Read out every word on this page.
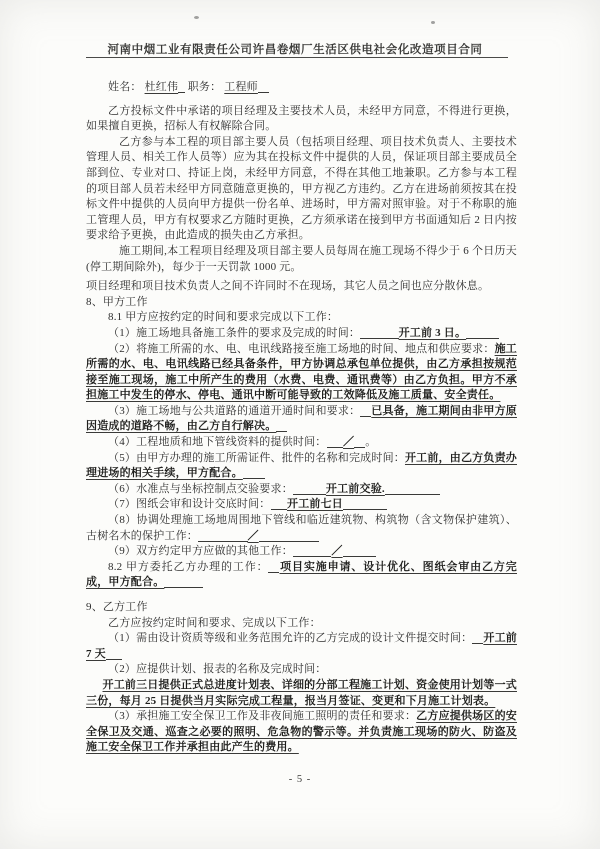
河南中烟工业有限责任公司许昌卷烟厂生活区供电社会化改造项目合同

姓名： 杜红伟 职务： 工程师

乙方投标文件中承诺的项目经理及主要技术人员，未经甲方同意，不得进行更换，如果擅自更换，招标人有权解除合同。

乙方参与本工程的项目部主要人员（包括项目经理、项目技术负责人、主要技术管理人员、相关工作人员等）应为其在投标文件中提供的人员，保证项目部主要成员全部到位、专业对口、持证上岗，未经甲方同意，不得在其他工地兼职。乙方参与本工程的项目部人员若未经甲方同意随意更换的，甲方视乙方违约。乙方在进场前须按其在投标文件中提供的人员向甲方提供一份名单、进场时，甲方需对照审验。对于不称职的施工管理人员，甲方有权要求乙方随时更换，乙方须承诺在接到甲方书面通知后 2 日内按要求给予更换，由此造成的损失由乙方承担。

施工期间,本工程项目经理及项目部主要人员每周在施工现场不得少于 6 个日历天(停工期间除外)，每少于一天罚款 1000 元。

项目经理和项目技术负责人之间不许同时不在现场，其它人员之间也应分散休息。

8、甲方工作

8.1 甲方应按约定的时间和要求完成以下工作：

（1）施工场地具备施工条件的要求及完成的时间：	开工前 3 日。

（2）将施工所需的水、电、电讯线路接至施工场地的时间、地点和供应要求：施工所需的水、电、电讯线路已经具备条件，甲方协调总承包单位提供，由乙方承担按规范接至施工现场，施工中所产生的费用（水费、电费、通讯费等）由乙方负担。甲方不承担施工中发生的停水、停电、通讯中断可能导致的工效降低及施工质量、安全责任。

（3）施工场地与公共道路的通道开通时间和要求： 已具备，施工期间由非甲方原因造成的道路不畅，由乙方自行解决。

（4）工程地质和地下管线资料的提供时间： ／ 。

（5）由甲方办理的施工所需证件、批件的名称和完成时间：开工前，由乙方负责办理进场的相关手续，甲方配合。

（6）水准点与坐标控制点交验要求：	开工前交验.

（7）图纸会审和设计交底时间： 开工前七日

（8）协调处理施工场地周围地下管线和临近建筑物、构筑物（含文物保护建筑）、古树名木的保护工作：	／

（9）双方约定甲方应做的其他工作：	／

8.2 甲方委托乙方办理的工作： 项目实施申请、设计优化、图纸会审由乙方完成，甲方配合。

9、乙方工作

乙方应按约定时间和要求、完成以下工作：

（1）需由设计资质等级和业务范围允许的乙方完成的设计文件提交时间： 开工前 7 天

（2）应提供计划、报表的名称及完成时间：

开工前三日提供正式总进度计划表、详细的分部工程施工计划、资金使用计划等一式三份，每月 25 日提供当月实际完成工程量，报当月签证、变更和下月施工计划表。

（3）承担施工安全保卫工作及非夜间施工照明的责任和要求：乙方应提供场区的安全保卫及交通、巡查之必要的照明、危急物的警示等。并负责施工现场的防火、防盗及施工安全保卫工作并承担由此产生的费用。

- 5 -
